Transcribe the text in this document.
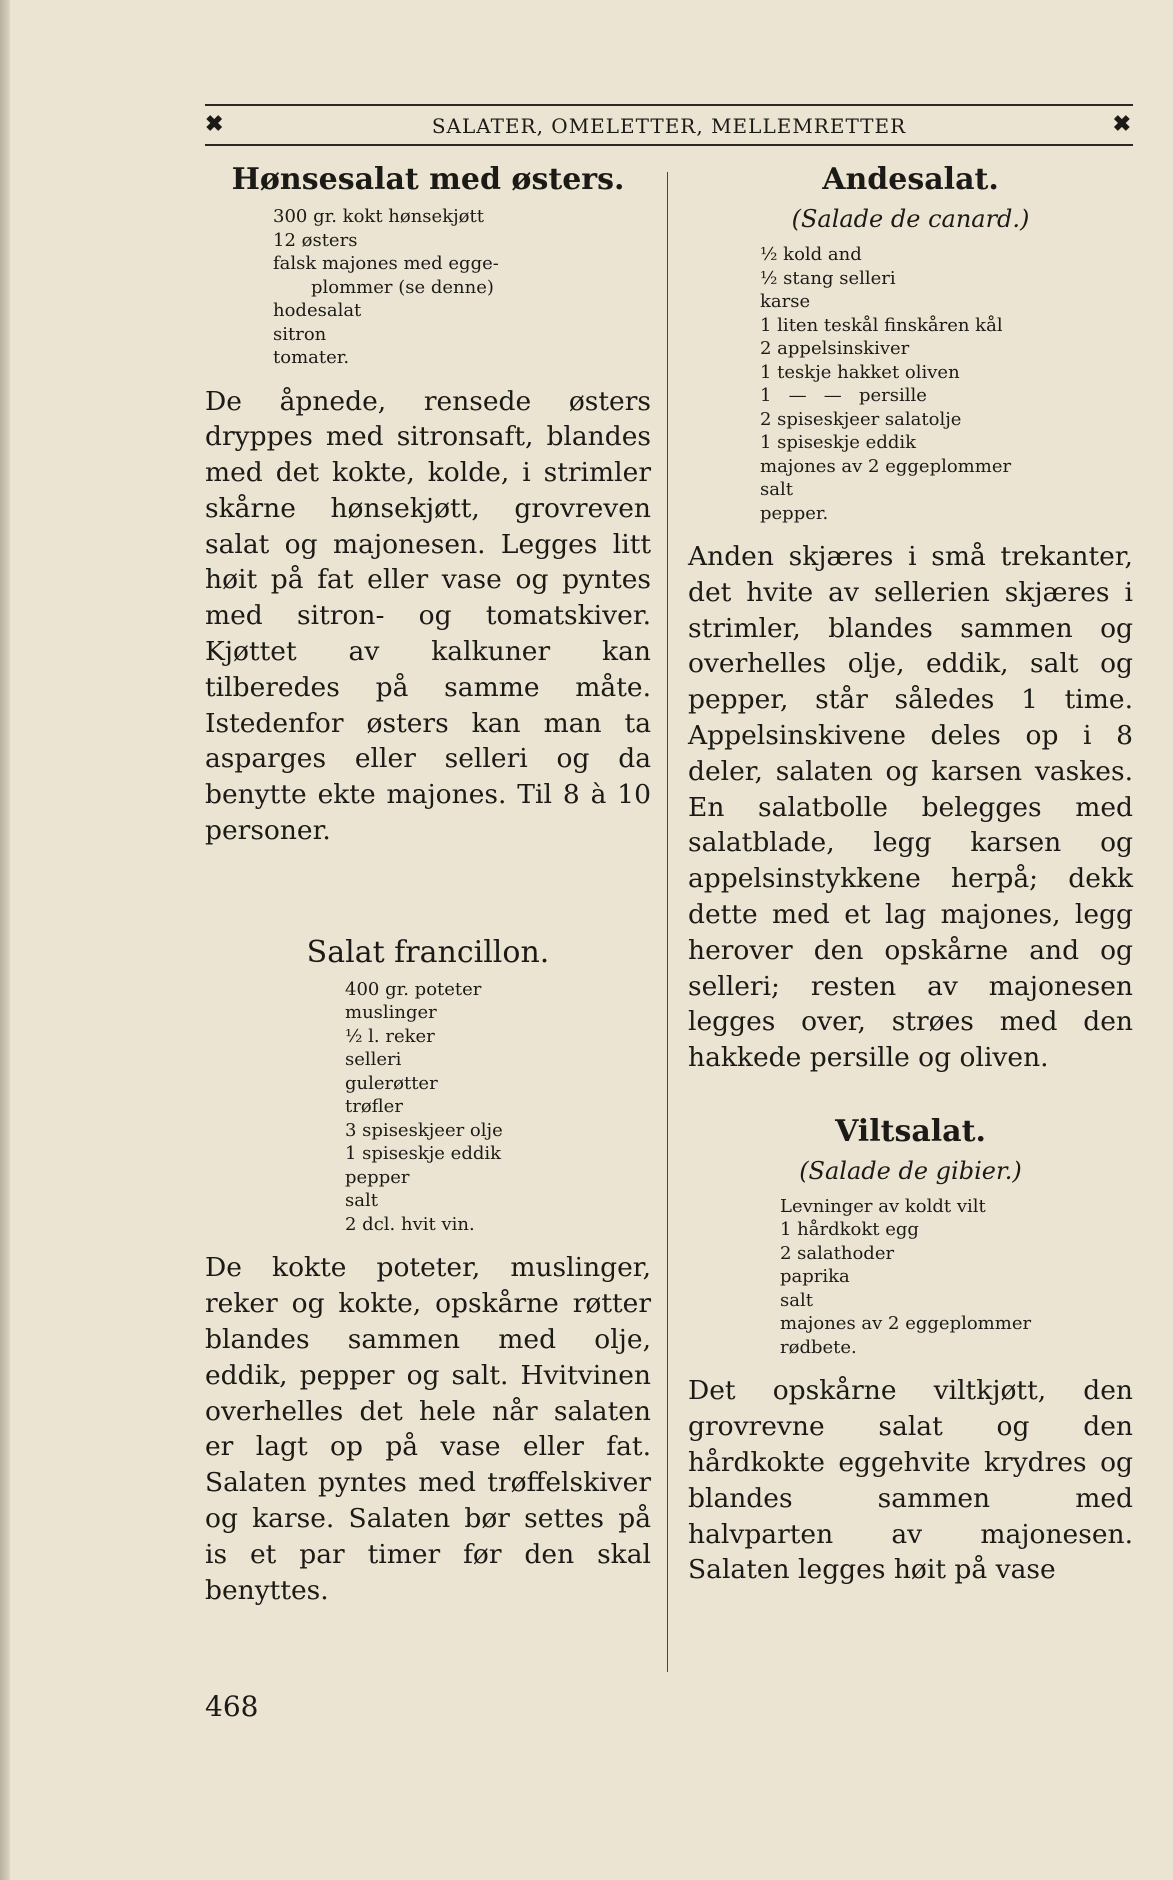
✖	SALATER, OMELETTER, MELLEMRETTER	✖
Hønsesalat med østers.
300 gr. kokt hønsekjøtt
12 østers
falsk majones med egge-
plommer (se denne)
hodesalat
sitron
tomater.

De åpnede, rensede østers dryppes med sitronsaft, blandes med det kokte, kolde, i strimler skårne hønsekjøtt, grovreven salat og majonesen. Legges litt høit på fat eller vase og pyntes med sitron- og tomatskiver. Kjøttet av kalkuner kan tilberedes på samme måte. Istedenfor østers kan man ta asparges eller selleri og da benytte ekte majones. Til 8 à 10 personer.

Salat francillon.
400 gr. poteter
muslinger
½ l. reker
selleri
gulerøtter
trøfler
3 spiseskjeer olje
1 spiseskje eddik
pepper
salt
2 dcl. hvit vin.

De kokte poteter, muslinger, reker og kokte, opskårne røtter blandes sammen med olje, eddik, pepper og salt. Hvitvinen overhelles det hele når salaten er lagt op på vase eller fat. Salaten pyntes med trøffelskiver og karse. Salaten bør settes på is et par timer før den skal benyttes.

Andesalat.

(Salade de canard.)

½ kold and
½ stang selleri
karse
1 liten teskål finskåren kål
2 appelsinskiver
1 teskje hakket oliven
1   —   —   persille
2 spiseskjeer salatolje
1 spiseskje eddik
majones av 2 eggeplommer
salt
pepper.

Anden skjæres i små trekanter, det hvite av sellerien skjæres i strimler, blandes sammen og overhelles olje, eddik, salt og pepper, står således 1 time. Appelsinskivene deles op i 8 deler, salaten og karsen vaskes. En salatbolle belegges med salatblade, legg karsen og appelsinstykkene herpå; dekk dette med et lag majones, legg herover den opskårne and og selleri; resten av majonesen legges over, strøes med den hakkede persille og oliven.

Viltsalat.

(Salade de gibier.)

Levninger av koldt vilt
1 hårdkokt egg
2 salathoder
paprika
salt
majones av 2 eggeplommer
rødbete.

Det opskårne viltkjøtt, den grovrevne salat og den hårdkokte eggehvite krydres og blandes sammen med halvparten av majonesen. Salaten legges høit på vase

468
